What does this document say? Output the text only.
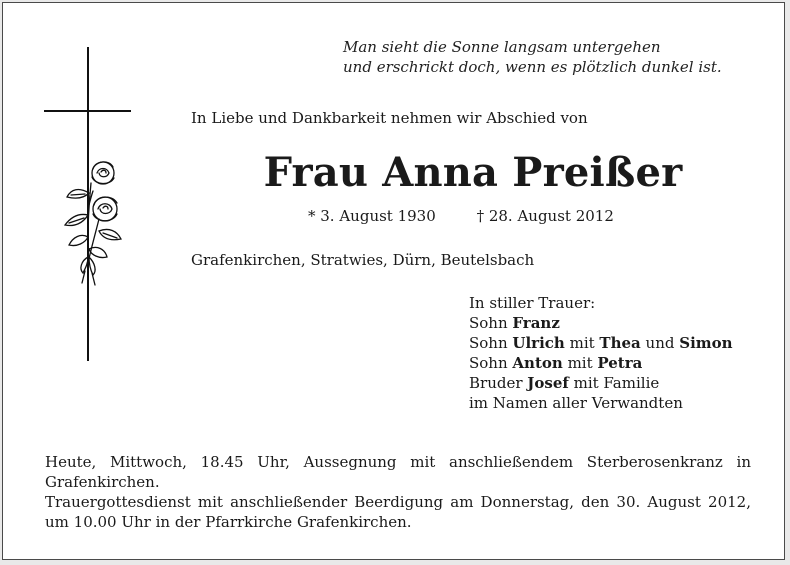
Man sieht die Sonne langsam untergehen
und erschrickt doch, wenn es plötzlich dunkel ist.
In Liebe und Dankbarkeit nehmen wir Abschied von
Frau Anna Preißer
* 3. August 1930	† 28. August 2012
Grafenkirchen, Stratwies, Dürn, Beutelsbach
In stiller Trauer:
Sohn Franz
Sohn Ulrich mit Thea und Simon
Sohn Anton mit Petra
Bruder Josef mit Familie
im Namen aller Verwandten

Heute, Mittwoch, 18.45 Uhr, Aussegnung mit anschließendem Sterberosenkranz in Grafenkirchen.

Trauergottesdienst mit anschließender Beerdigung am Donnerstag, den 30. August 2012, um 10.00 Uhr in der Pfarrkirche Grafenkirchen.
